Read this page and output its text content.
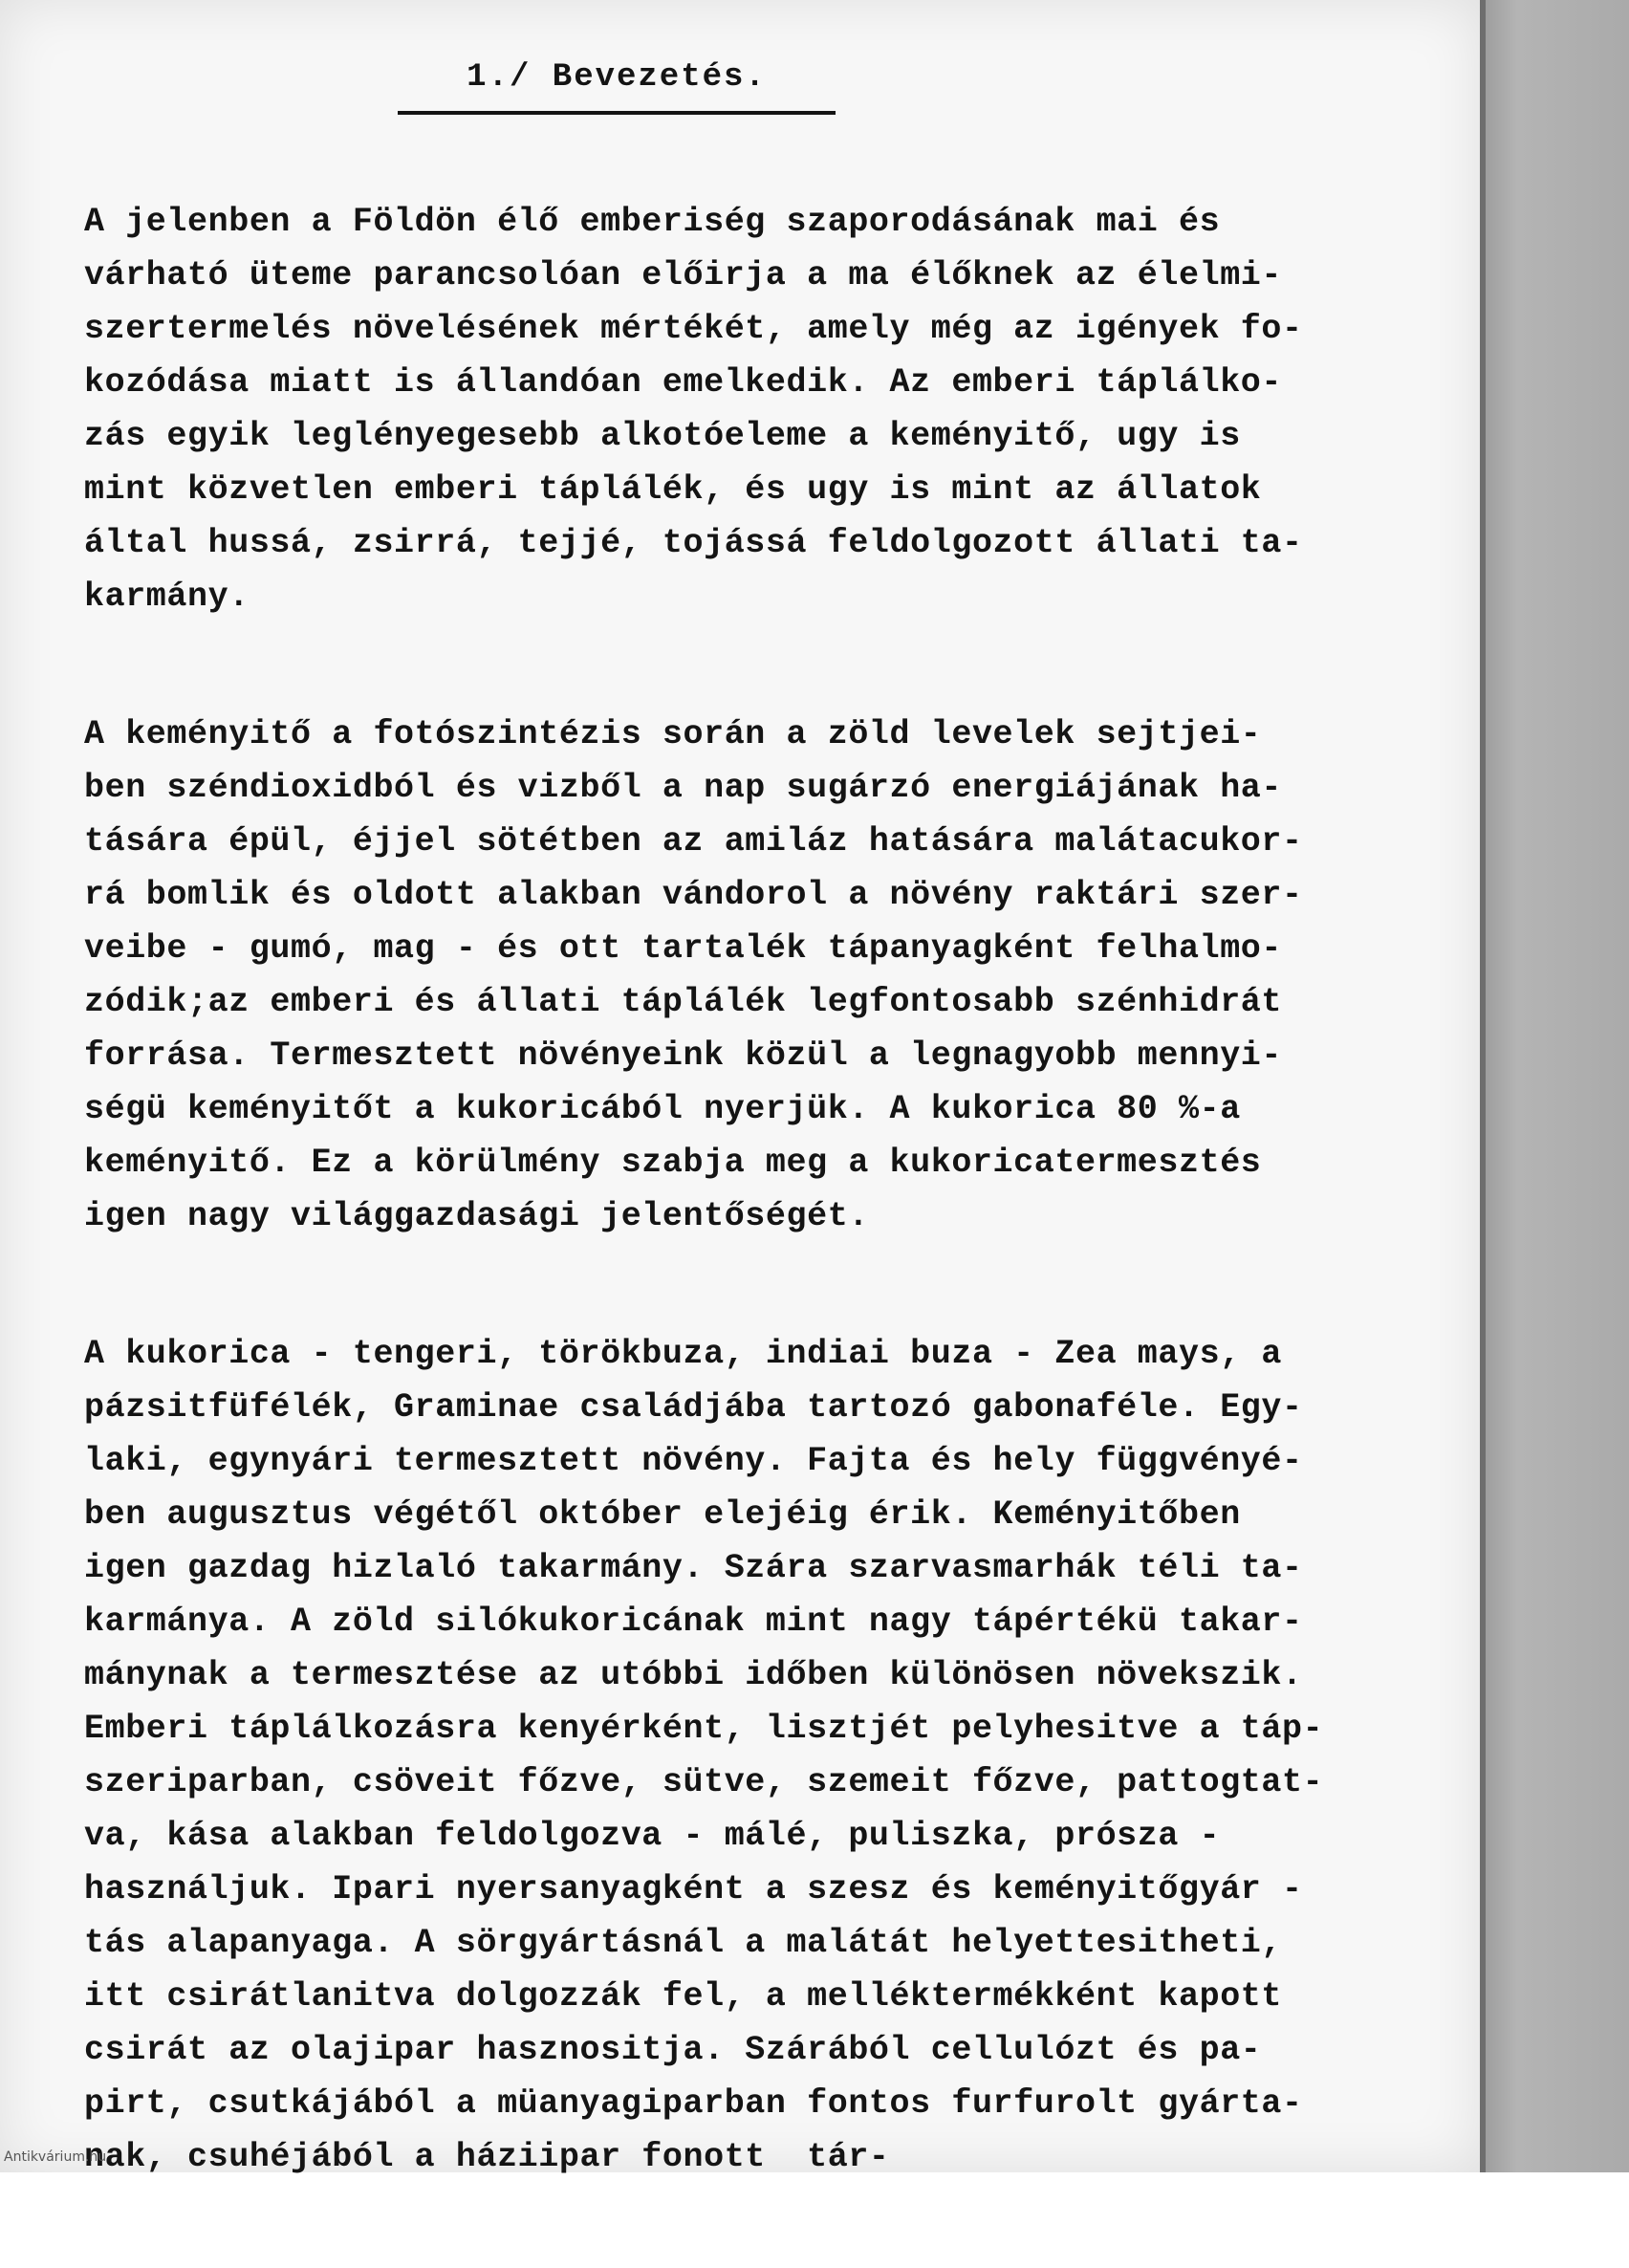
1./ Bevezetés.
A jelenben a Földön élő emberiség szaporodásának mai és
várható üteme parancsolóan előirja a ma élőknek az élelmi-
szertermelés növelésének mértékét, amely még az igények fo-
kozódása miatt is állandóan emelkedik. Az emberi táplálko-
zás egyik leglényegesebb alkotóeleme a keményitő, ugy is
mint közvetlen emberi táplálék, és ugy is mint az állatok
által hussá, zsirrá, tejjé, tojássá feldolgozott állati ta-
karmány.
A keményitő a fotószintézis során a zöld levelek sejtjei-
ben széndioxidból és vizből a nap sugárzó energiájának ha-
tására épül, éjjel sötétben az amiláz hatására malátacukor-
rá bomlik és oldott alakban vándorol a növény raktári szer-
veibe - gumó, mag - és ott tartalék tápanyagként felhalmo-
zódik;az emberi és állati táplálék legfontosabb szénhidrát
forrása. Termesztett növényeink közül a legnagyobb mennyi-
ségü keményitőt a kukoricából nyerjük. A kukorica 80 %-a
keményitő. Ez a körülmény szabja meg a kukoricatermesztés
igen nagy világgazdasági jelentőségét.
A kukorica - tengeri, törökbuza, indiai buza - Zea mays, a
pázsitfüfélék, Graminae családjába tartozó gabonaféle. Egy-
laki, egynyári termesztett növény. Fajta és hely függvényé-
ben augusztus végétől október elejéig érik. Keményitőben
igen gazdag hizlaló takarmány. Szára szarvasmarhák téli ta-
karmánya. A zöld silókukoricának mint nagy tápértékü takar-
mánynak a termesztése az utóbbi időben különösen növekszik.
Emberi táplálkozásra kenyérként, lisztjét pelyhesitve a táp-
szeriparban, csöveit főzve, sütve, szemeit főzve, pattogtat-
va, kása alakban feldolgozva - málé, puliszka, prósza -
használjuk. Ipari nyersanyagként a szesz és keményitőgyár -
tás alapanyaga. A sörgyártásnál a malátát helyettesitheti,
itt csirátlanitva dolgozzák fel, a melléktermékként kapott
csirát az olajipar hasznositja. Szárából cellulózt és pa-
pirt, csutkájából a müanyagiparban fontos furfurolt gyárta-
nak, csuhéjából a háziipar fonott  tár-
Antikvárium.hu
